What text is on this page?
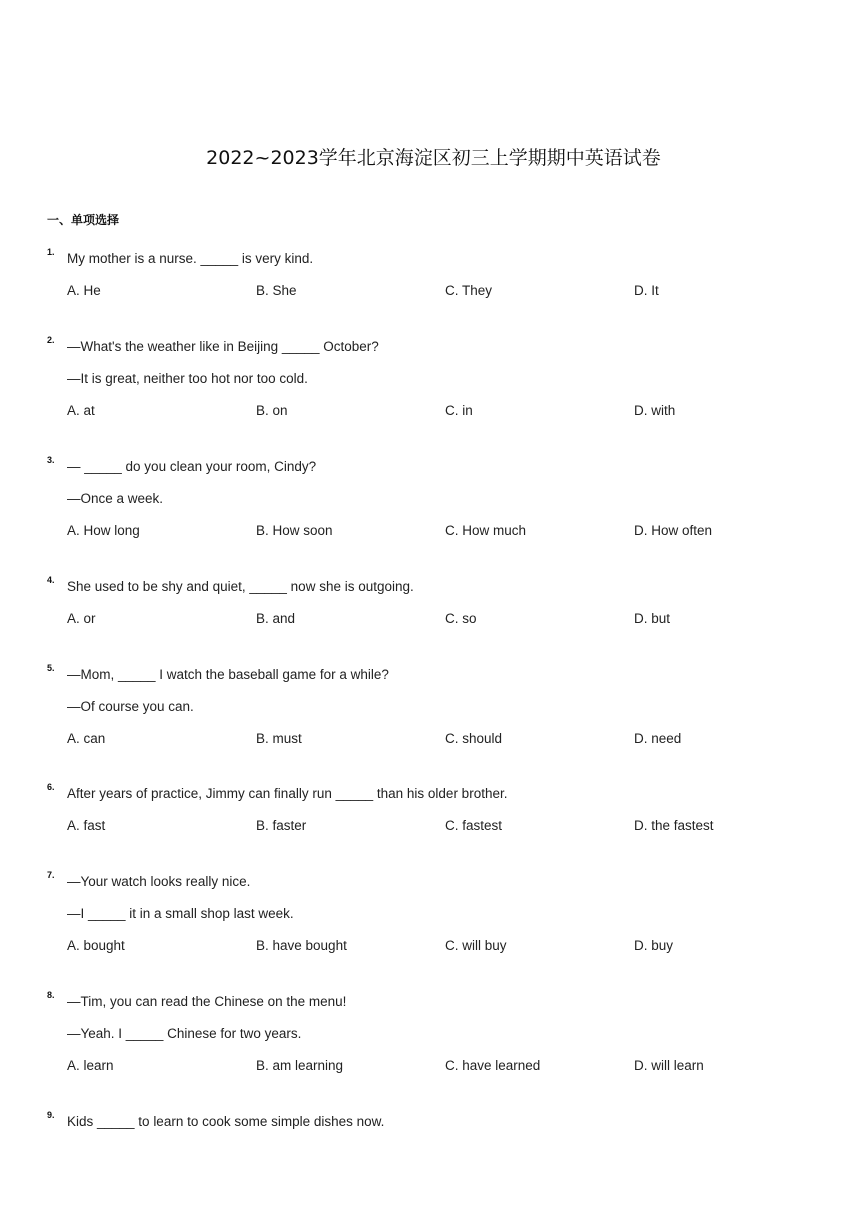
2022~2023学年北京海淀区初三上学期期中英语试卷
一、单项选择
1. My mother is a nurse. _____ is very kind.
A. He	B. She	C. They	D. It
2. —What's the weather like in Beijing _____ October?
—It is great, neither too hot nor too cold.
A. at	B. on	C. in	D. with
3. — _____ do you clean your room, Cindy?
—Once a week.
A. How long	B. How soon	C. How much	D. How often
4. She used to be shy and quiet, _____ now she is outgoing.
A. or	B. and	C. so	D. but
5. —Mom, _____ I watch the baseball game for a while?
—Of course you can.
A. can	B. must	C. should	D. need
6. After years of practice, Jimmy can finally run _____ than his older brother.
A. fast	B. faster	C. fastest	D. the fastest
7. —Your watch looks really nice.
—I _____ it in a small shop last week.
A. bought	B. have bought	C. will buy	D. buy
8. —Tim, you can read the Chinese on the menu!
—Yeah. I _____ Chinese for two years.
A. learn	B. am learning	C. have learned	D. will learn
9. Kids _____ to learn to cook some simple dishes now.
